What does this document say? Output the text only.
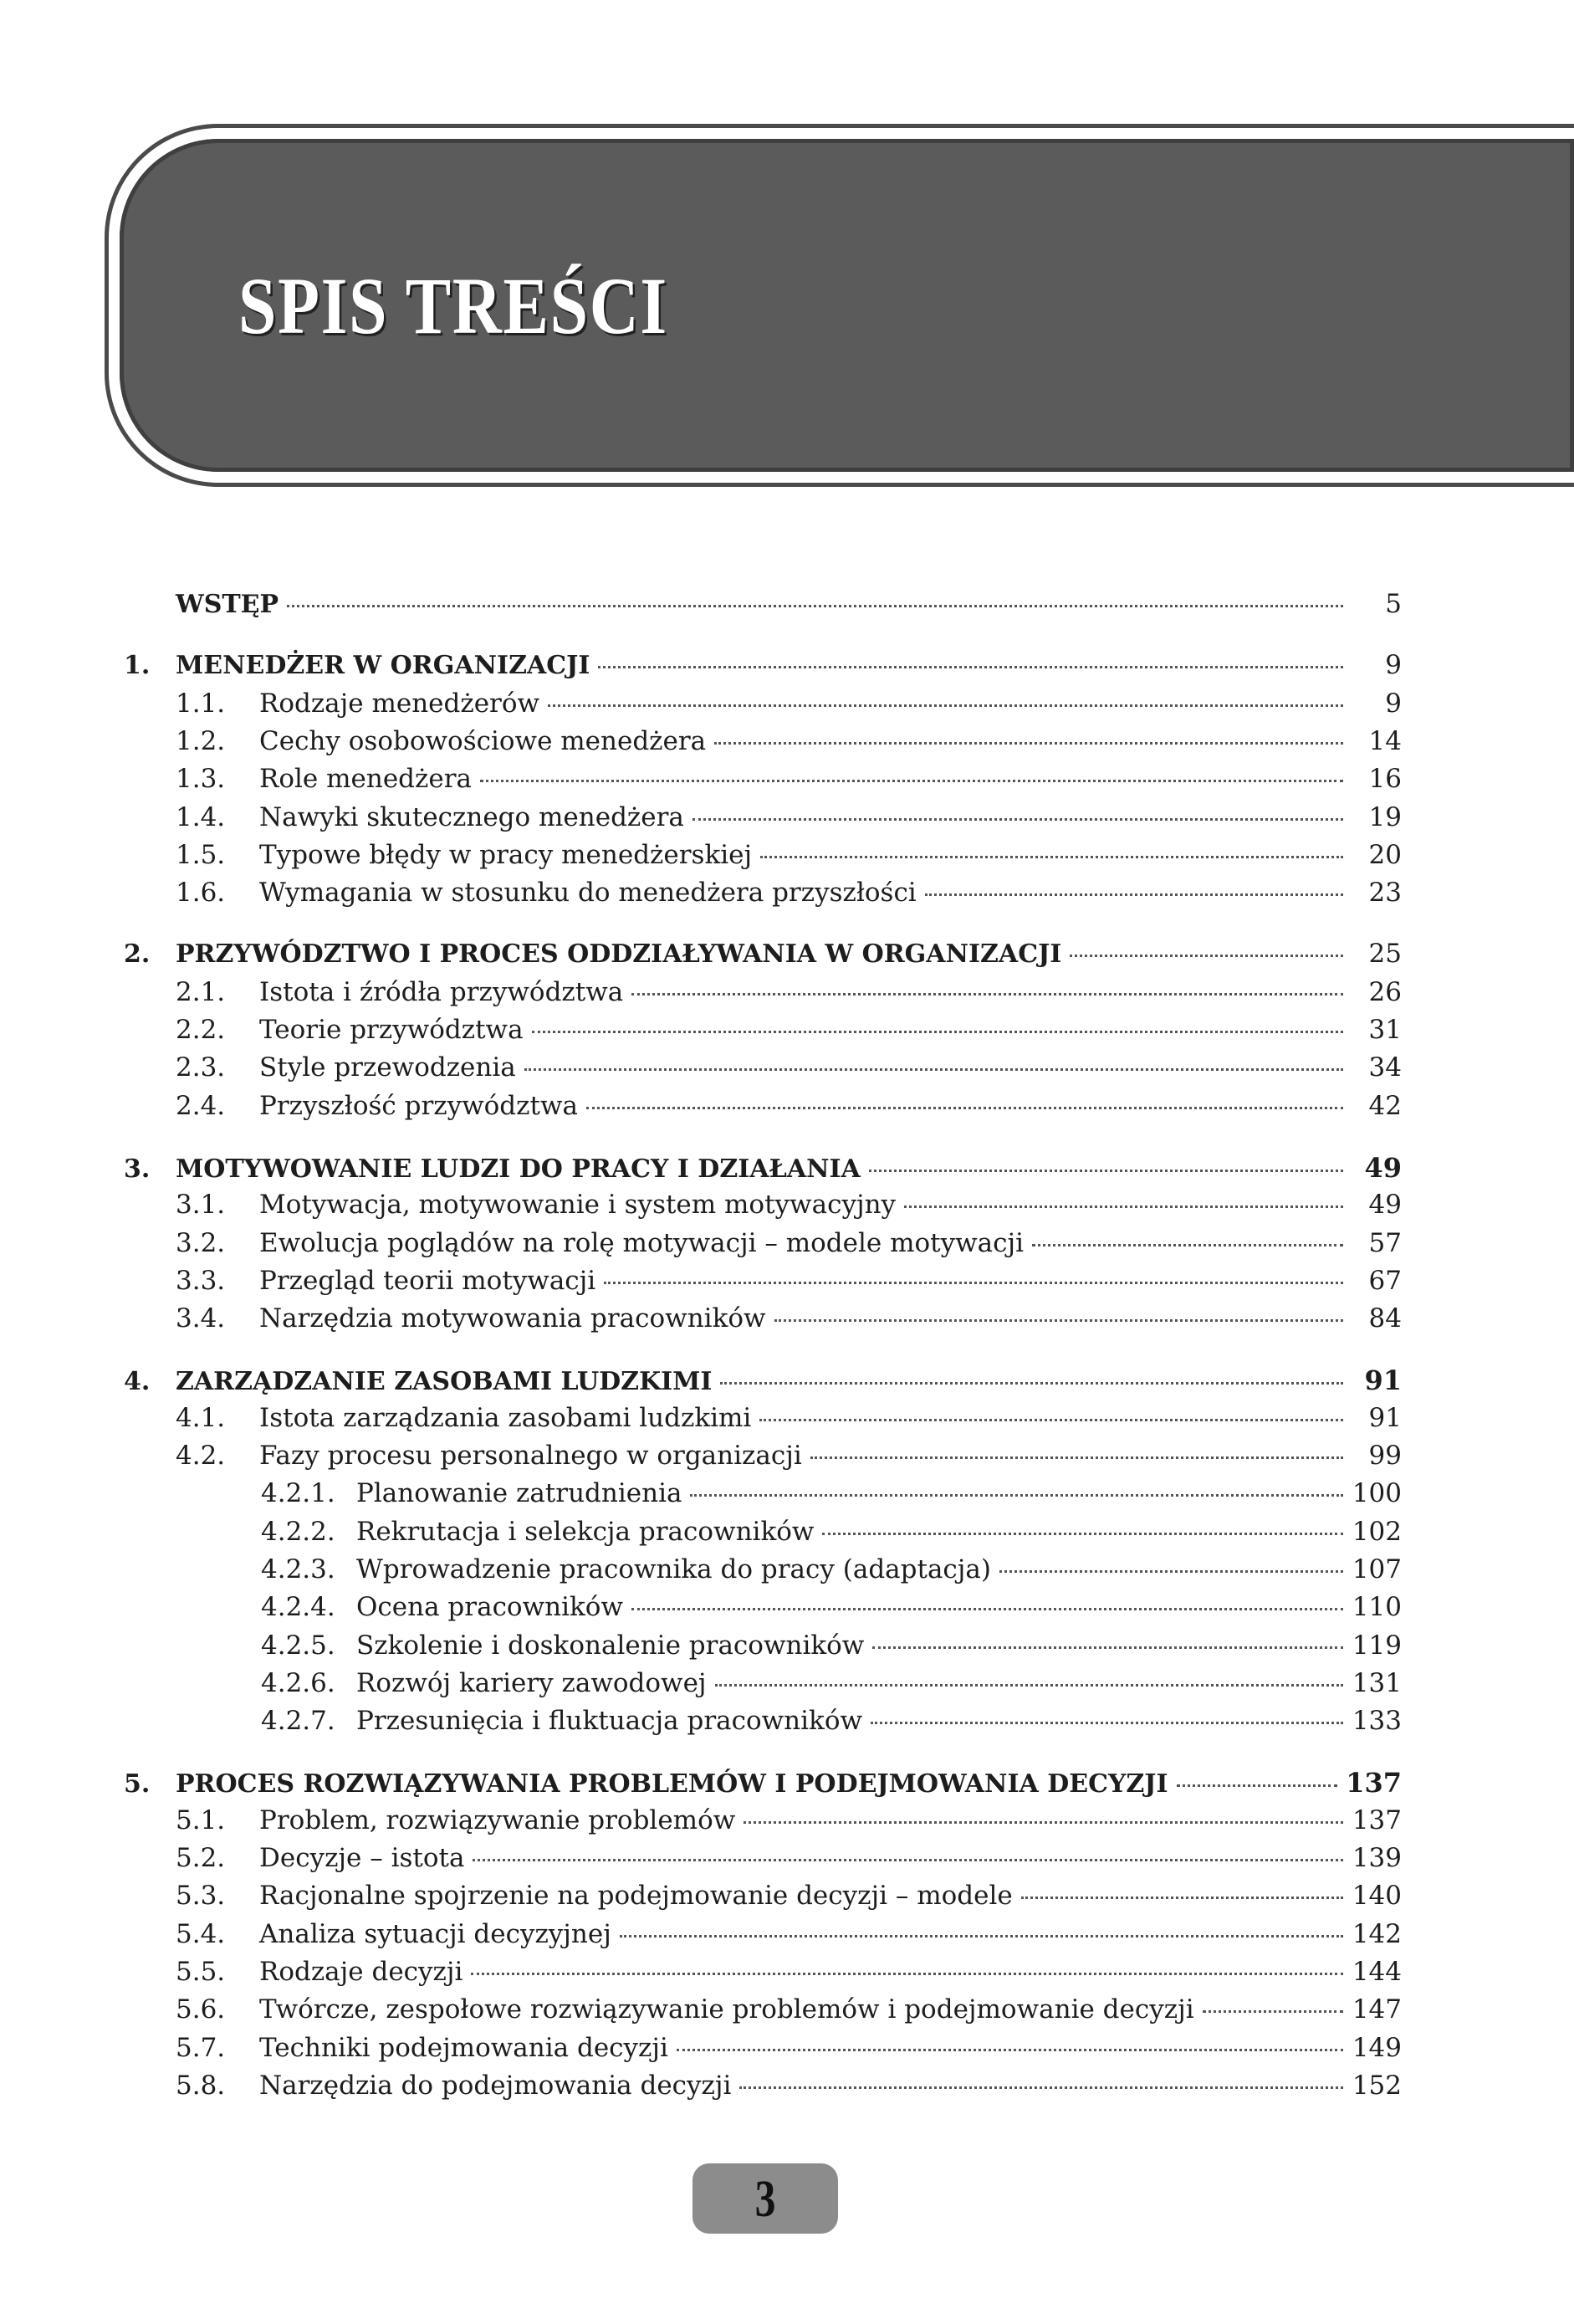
SPIS TREŚCI
WSTĘP	5
1.	MENEDŻER W ORGANIZACJI	9
1.1.	Rodzaje menedżerów	9
1.2.	Cechy osobowościowe menedżera	14
1.3.	Role menedżera	16
1.4.	Nawyki skutecznego menedżera	19
1.5.	Typowe błędy w pracy menedżerskiej	20
1.6.	Wymagania w stosunku do menedżera przyszłości	23
2.	PRZYWÓDZTWO I PROCES ODDZIAŁYWANIA W ORGANIZACJI	25
2.1.	Istota i źródła przywództwa	26
2.2.	Teorie przywództwa	31
2.3.	Style przewodzenia	34
2.4.	Przyszłość przywództwa	42
3.	MOTYWOWANIE LUDZI DO PRACY I DZIAŁANIA	49
3.1.	Motywacja, motywowanie i system motywacyjny	49
3.2.	Ewolucja poglądów na rolę motywacji – modele motywacji	57
3.3.	Przegląd teorii motywacji	67
3.4.	Narzędzia motywowania pracowników	84
4.	ZARZĄDZANIE ZASOBAMI LUDZKIMI	91
4.1.	Istota zarządzania zasobami ludzkimi	91
4.2.	Fazy procesu personalnego w organizacji	99
4.2.1. Planowanie zatrudnienia	100
4.2.2. Rekrutacja i selekcja pracowników	102
4.2.3. Wprowadzenie pracownika do pracy (adaptacja)	107
4.2.4. Ocena pracowników	110
4.2.5. Szkolenie i doskonalenie pracowników	119
4.2.6. Rozwój kariery zawodowej	131
4.2.7. Przesunięcia i fluktuacja pracowników	133
5.	PROCES ROZWIĄZYWANIA PROBLEMÓW I PODEJMOWANIA DECYZJI	137
5.1.	Problem, rozwiązywanie problemów	137
5.2.	Decyzje – istota	139
5.3.	Racjonalne spojrzenie na podejmowanie decyzji – modele	140
5.4.	Analiza sytuacji decyzyjnej	142
5.5.	Rodzaje decyzji	144
5.6.	Twórcze, zespołowe rozwiązywanie problemów i podejmowanie decyzji	147
5.7.	Techniki podejmowania decyzji	149
5.8.	Narzędzia do podejmowania decyzji	152
3
